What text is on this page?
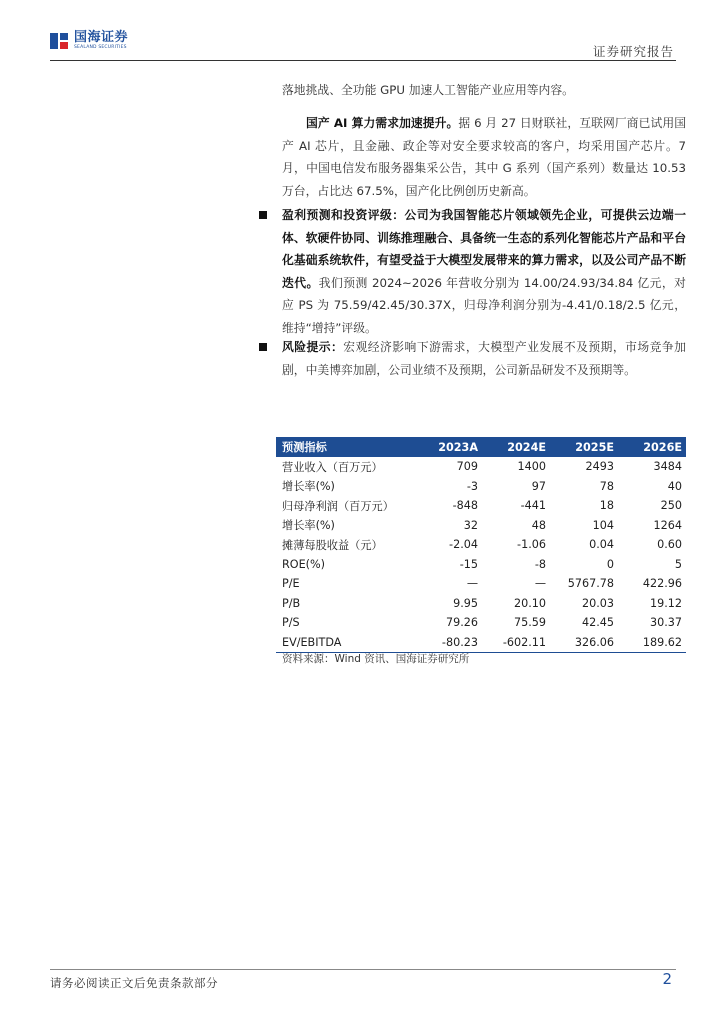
国海证券
SEALAND SECURITIES	证券研究报告
落地挑战、全功能 GPU 加速人工智能产业应用等内容。
国产 AI 算力需求加速提升。据 6 月 27 日财联社，互联网厂商已试用国产 AI 芯片，且金融、政企等对安全要求较高的客户，均采用国产芯片。7 月，中国电信发布服务器集采公告，其中 G 系列（国产系列）数量达 10.53 万台，占比达 67.5%，国产化比例创历史新高。
盈利预测和投资评级：公司为我国智能芯片领域领先企业，可提供云边端一体、软硬件协同、训练推理融合、具备统一生态的系列化智能芯片产品和平台化基础系统软件，有望受益于大模型发展带来的算力需求，以及公司产品不断迭代。我们预测 2024~2026 年营收分别为 14.00/24.93/34.84 亿元，对应 PS 为 75.59/42.45/30.37X，归母净利润分别为-4.41/0.18/2.5 亿元，维持“增持”评级。
风险提示：宏观经济影响下游需求，大模型产业发展不及预期，市场竞争加剧，中美博弈加剧，公司业绩不及预期，公司新品研发不及预期等。
预测指标	2023A	2024E	2025E	2026E
营业收入（百万元）	709	1400	2493	3484
增长率(%)	-3	97	78	40
归母净利润（百万元）	-848	-441	18	250
增长率(%)	32	48	104	1264
摊薄每股收益（元）	-2.04	-1.06	0.04	0.60
ROE(%)	-15	-8	0	5
P/E	—	—	5767.78	422.96
P/B	9.95	20.10	20.03	19.12
P/S	79.26	75.59	42.45	30.37
EV/EBITDA	-80.23	-602.11	326.06	189.62
资料来源：Wind 资讯、国海证券研究所
请务必阅读正文后免责条款部分	2
